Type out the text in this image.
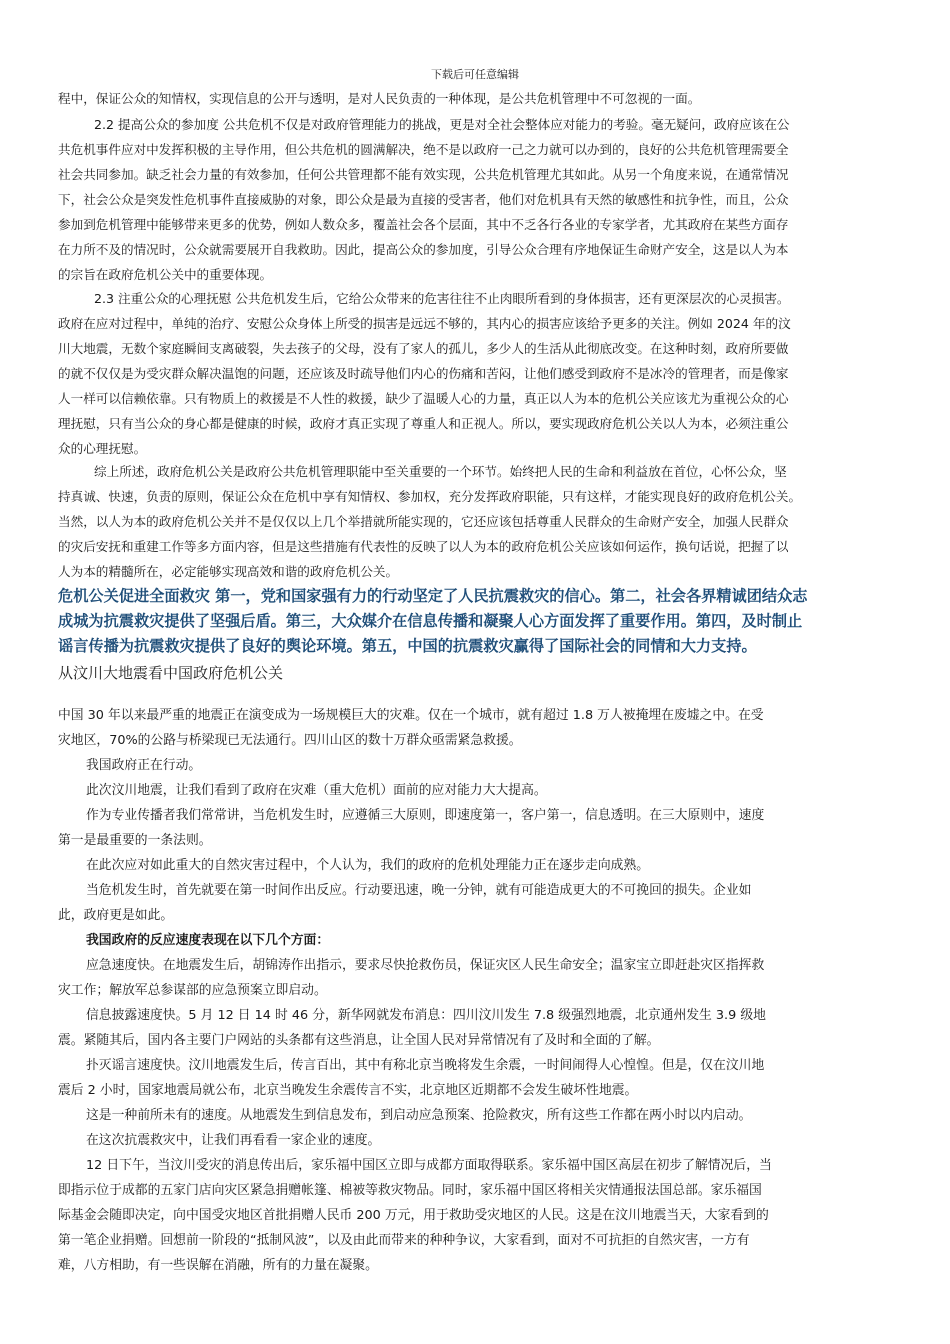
下载后可任意编辑
程中，保证公众的知情权，实现信息的公开与透明，是对人民负责的一种体现，是公共危机管理中不可忽视的一面。
2.2 提高公众的参加度 公共危机不仅是对政府管理能力的挑战，更是对全社会整体应对能力的考验。毫无疑问，政府应该在公
共危机事件应对中发挥积极的主导作用，但公共危机的圆满解决，绝不是以政府一己之力就可以办到的，良好的公共危机管理需要全
社会共同参加。缺乏社会力量的有效参加，任何公共管理都不能有效实现，公共危机管理尤其如此。从另一个角度来说，在通常情况
下，社会公众是突发性危机事件直接威胁的对象，即公众是最为直接的受害者，他们对危机具有天然的敏感性和抗争性，而且，公众
参加到危机管理中能够带来更多的优势，例如人数众多，覆盖社会各个层面，其中不乏各行各业的专家学者，尤其政府在某些方面存
在力所不及的情况时，公众就需要展开自我救助。因此，提高公众的参加度，引导公众合理有序地保证生命财产安全，这是以人为本
的宗旨在政府危机公关中的重要体现。
2.3 注重公众的心理抚慰 公共危机发生后，它给公众带来的危害往往不止肉眼所看到的身体损害，还有更深层次的心灵损害。
政府在应对过程中，单纯的治疗、安慰公众身体上所受的损害是远远不够的，其内心的损害应该给予更多的关注。例如 2024 年的汶
川大地震，无数个家庭瞬间支离破裂，失去孩子的父母，没有了家人的孤儿，多少人的生活从此彻底改变。在这种时刻，政府所要做
的就不仅仅是为受灾群众解决温饱的问题，还应该及时疏导他们内心的伤痛和苦闷，让他们感受到政府不是冰冷的管理者，而是像家
人一样可以信赖依靠。只有物质上的救援是不人性的救援，缺少了温暖人心的力量，真正以人为本的危机公关应该尤为重视公众的心
理抚慰，只有当公众的身心都是健康的时候，政府才真正实现了尊重人和正视人。所以，要实现政府危机公关以人为本，必须注重公
众的心理抚慰。
综上所述，政府危机公关是政府公共危机管理职能中至关重要的一个环节。始终把人民的生命和利益放在首位，心怀公众，坚
持真诚、快速，负责的原则，保证公众在危机中享有知情权、参加权，充分发挥政府职能，只有这样，才能实现良好的政府危机公关。
当然，以人为本的政府危机公关并不是仅仅以上几个举措就所能实现的，它还应该包括尊重人民群众的生命财产安全，加强人民群众
的灾后安抚和重建工作等多方面内容，但是这些措施有代表性的反映了以人为本的政府危机公关应该如何运作，换句话说，把握了以
人为本的精髓所在，必定能够实现高效和谐的政府危机公关。
危机公关促进全面救灾 第一，党和国家强有力的行动坚定了人民抗震救灾的信心。第二，社会各界精诚团结众志
成城为抗震救灾提供了坚强后盾。第三，大众媒介在信息传播和凝聚人心方面发挥了重要作用。第四，及时制止
谣言传播为抗震救灾提供了良好的舆论环境。第五，中国的抗震救灾赢得了国际社会的同情和大力支持。
从汶川大地震看中国政府危机公关
中国 30 年以来最严重的地震正在演变成为一场规模巨大的灾难。仅在一个城市，就有超过 1.8 万人被掩埋在废墟之中。在受
灾地区，70%的公路与桥梁现已无法通行。四川山区的数十万群众亟需紧急救援。
我国政府正在行动。
此次汶川地震，让我们看到了政府在灾难（重大危机）面前的应对能力大大提高。
作为专业传播者我们常常讲，当危机发生时，应遵循三大原则，即速度第一，客户第一，信息透明。在三大原则中，速度
第一是最重要的一条法则。
在此次应对如此重大的自然灾害过程中，个人认为，我们的政府的危机处理能力正在逐步走向成熟。
当危机发生时，首先就要在第一时间作出反应。行动要迅速，晚一分钟，就有可能造成更大的不可挽回的损失。企业如
此，政府更是如此。
我国政府的反应速度表现在以下几个方面：
应急速度快。在地震发生后，胡锦涛作出指示，要求尽快抢救伤员，保证灾区人民生命安全；温家宝立即赶赴灾区指挥救
灾工作；解放军总参谋部的应急预案立即启动。
信息披露速度快。5 月 12 日 14 时 46 分，新华网就发布消息：四川汶川发生 7.8 级强烈地震，北京通州发生 3.9 级地
震。紧随其后，国内各主要门户网站的头条都有这些消息，让全国人民对异常情况有了及时和全面的了解。
扑灭谣言速度快。汶川地震发生后，传言百出，其中有称北京当晚将发生余震，一时间闹得人心惶惶。但是，仅在汶川地
震后 2 小时，国家地震局就公布，北京当晚发生余震传言不实，北京地区近期都不会发生破坏性地震。
这是一种前所未有的速度。从地震发生到信息发布，到启动应急预案、抢险救灾，所有这些工作都在两小时以内启动。
在这次抗震救灾中，让我们再看看一家企业的速度。
12 日下午，当汶川受灾的消息传出后，家乐福中国区立即与成都方面取得联系。家乐福中国区高层在初步了解情况后，当
即指示位于成都的五家门店向灾区紧急捐赠帐篷、棉被等救灾物品。同时，家乐福中国区将相关灾情通报法国总部。家乐福国
际基金会随即决定，向中国受灾地区首批捐赠人民币 200 万元，用于救助受灾地区的人民。这是在汶川地震当天，大家看到的
第一笔企业捐赠。回想前一阶段的“抵制风波”，以及由此而带来的种种争议，大家看到，面对不可抗拒的自然灾害，一方有
难，八方相助，有一些误解在消融，所有的力量在凝聚。
